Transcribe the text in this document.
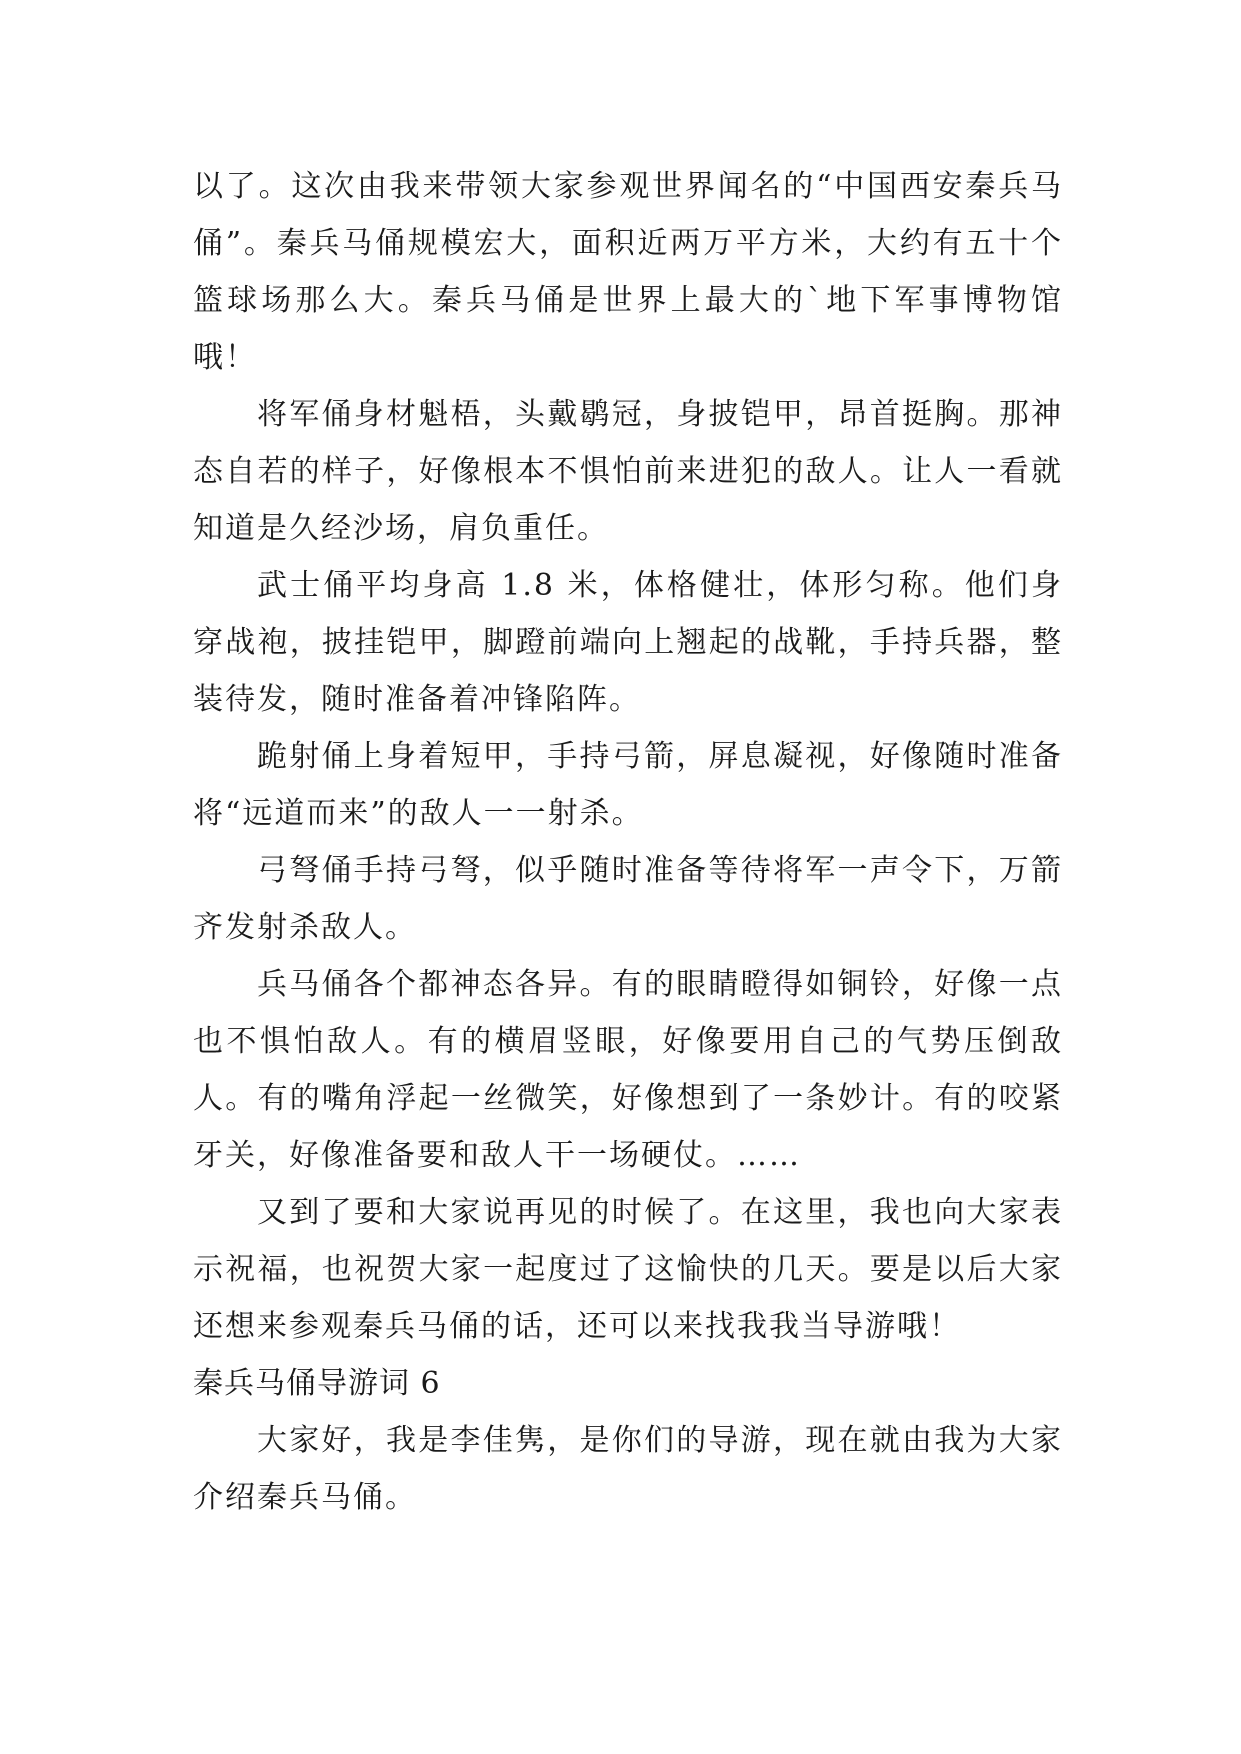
以了。这次由我来带领大家参观世界闻名的“中国西安秦兵马俑”。秦兵马俑规模宏大，面积近两万平方米，大约有五十个篮球场那么大。秦兵马俑是世界上最大的`地下军事博物馆哦！

将军俑身材魁梧，头戴鹖冠，身披铠甲，昂首挺胸。那神态自若的样子，好像根本不惧怕前来进犯的敌人。让人一看就知道是久经沙场，肩负重任。

武士俑平均身高 1.8 米，体格健壮，体形匀称。他们身穿战袍，披挂铠甲，脚蹬前端向上翘起的战靴，手持兵器，整装待发，随时准备着冲锋陷阵。

跪射俑上身着短甲，手持弓箭，屏息凝视，好像随时准备将“远道而来”的敌人一一射杀。

弓弩俑手持弓弩，似乎随时准备等待将军一声令下，万箭齐发射杀敌人。

兵马俑各个都神态各异。有的眼睛瞪得如铜铃，好像一点也不惧怕敌人。有的横眉竖眼，好像要用自己的气势压倒敌人。有的嘴角浮起一丝微笑，好像想到了一条妙计。有的咬紧牙关，好像准备要和敌人干一场硬仗。……

又到了要和大家说再见的时候了。在这里，我也向大家表示祝福，也祝贺大家一起度过了这愉快的几天。要是以后大家还想来参观秦兵马俑的话，还可以来找我我当导游哦！

秦兵马俑导游词 6

大家好，我是李佳隽，是你们的导游，现在就由我为大家介绍秦兵马俑。
